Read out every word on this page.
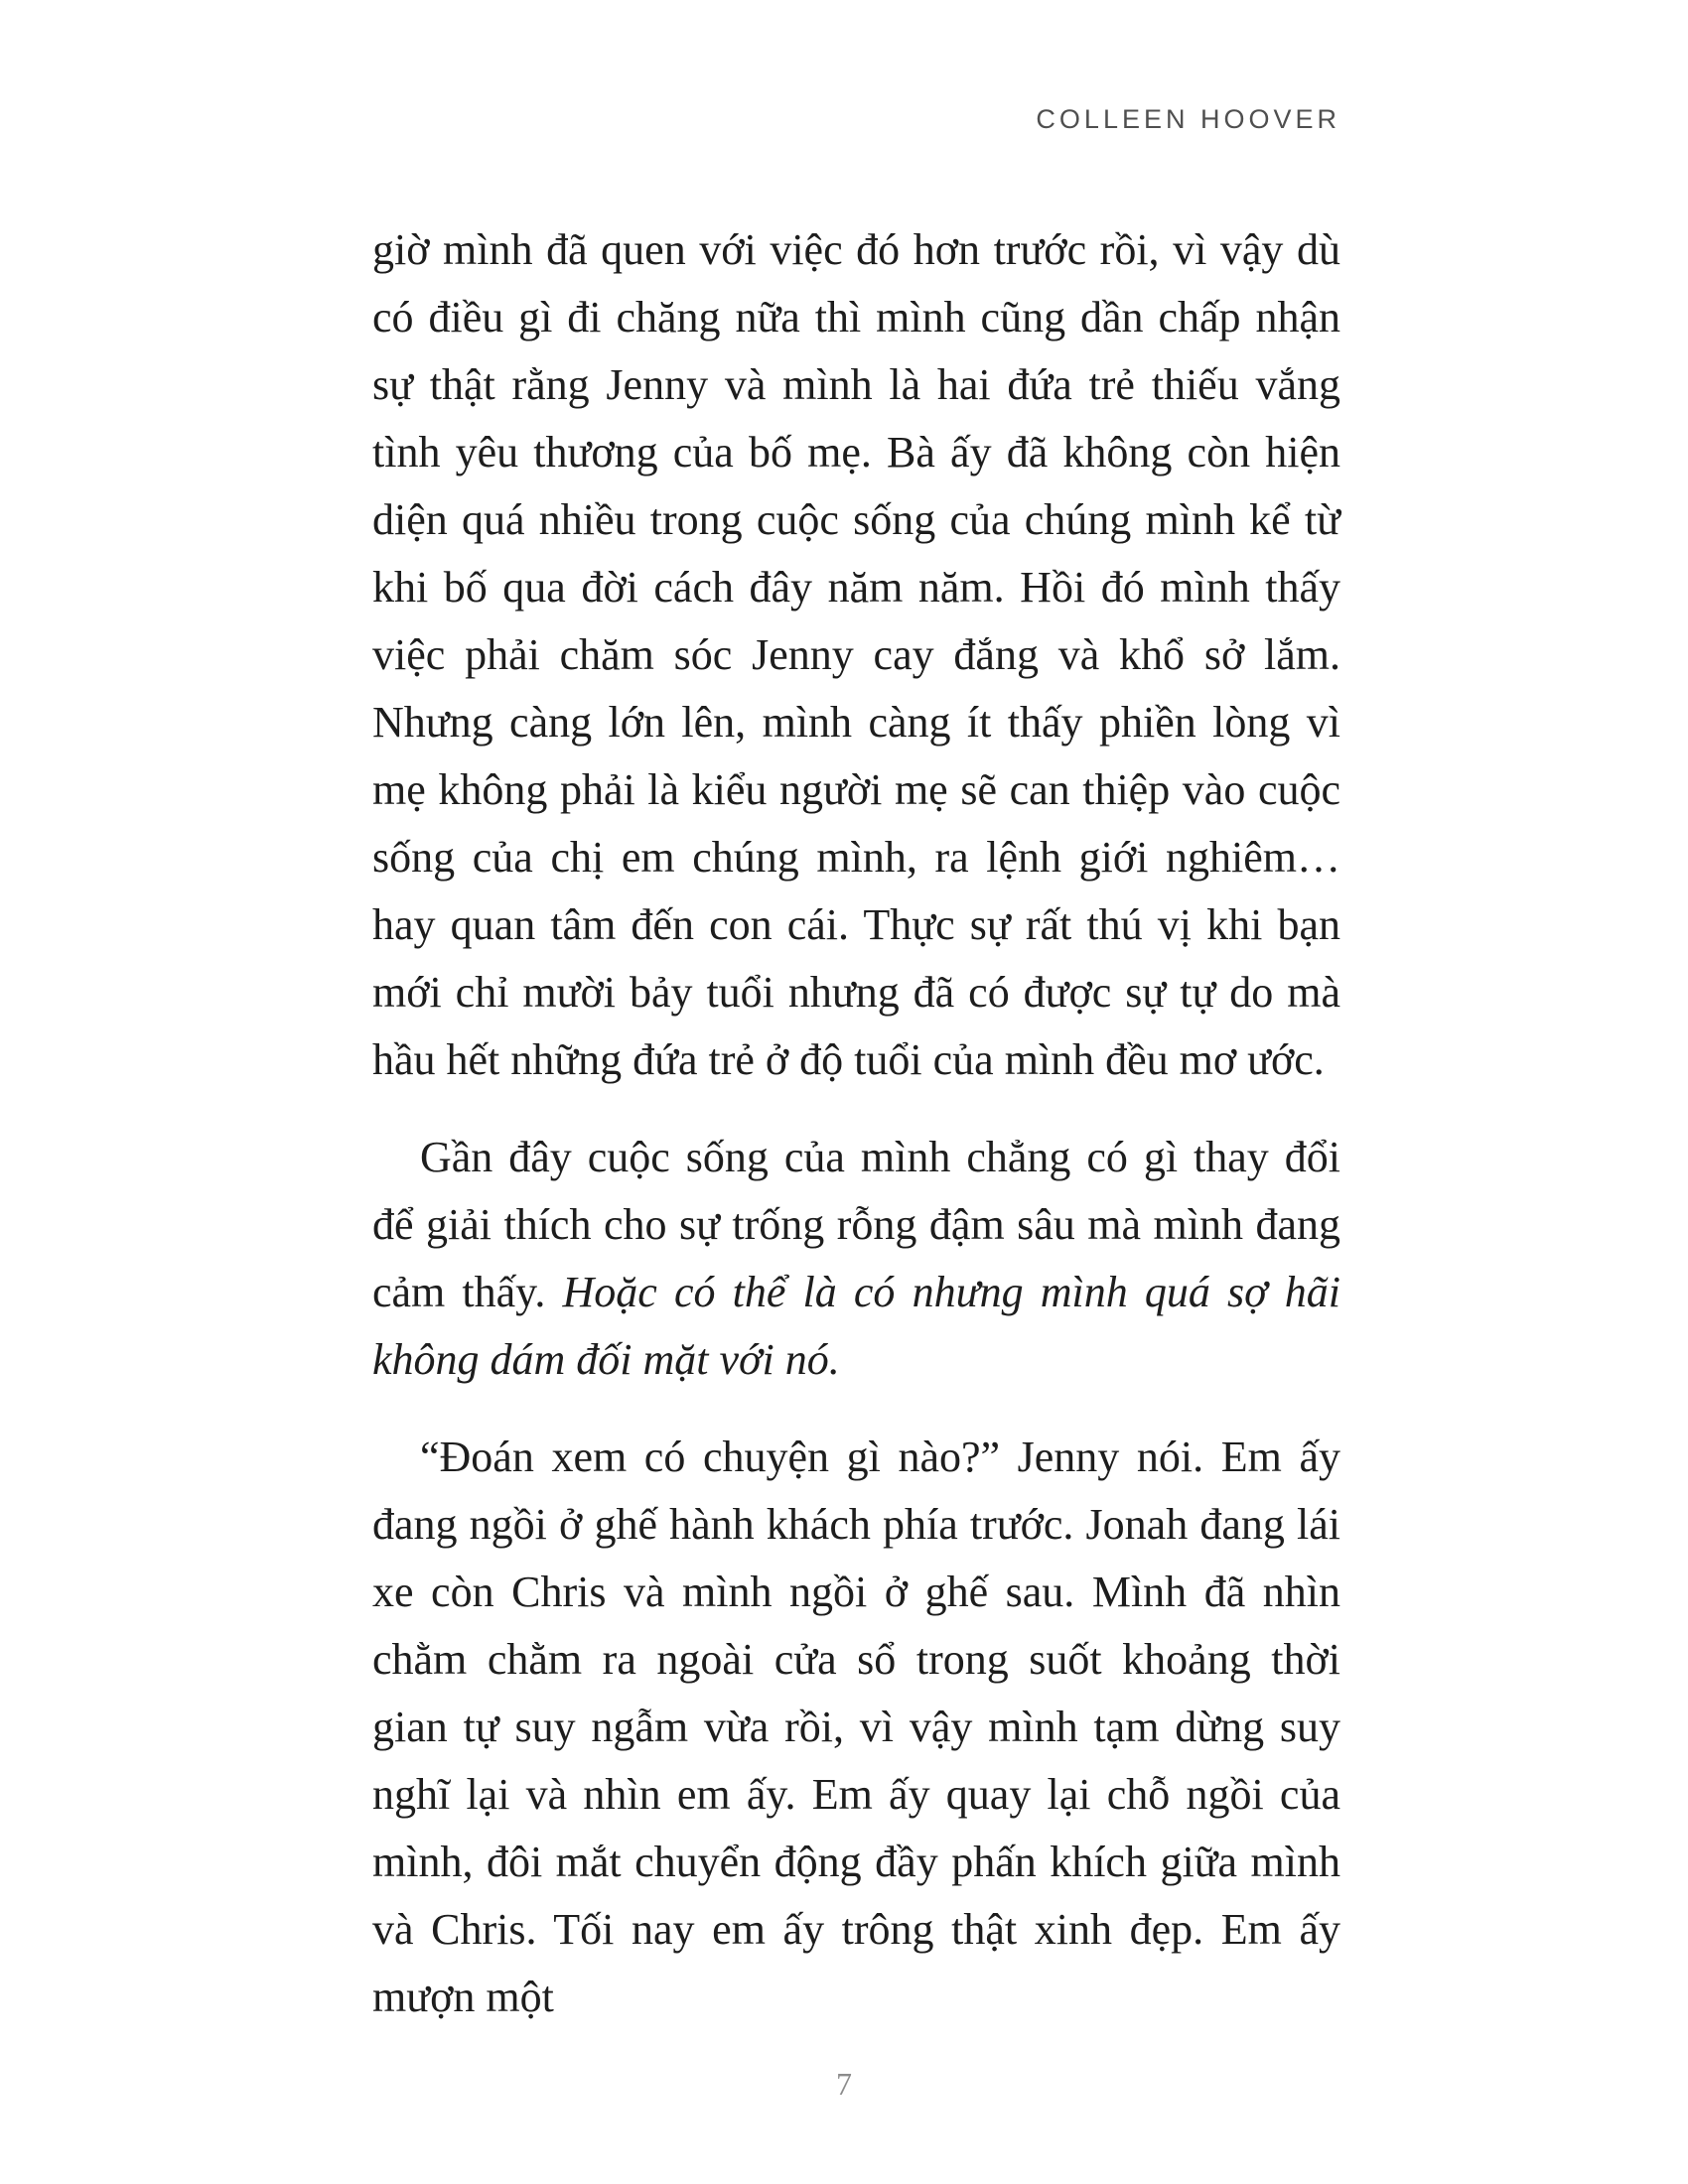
COLLEEN HOOVER

giờ mình đã quen với việc đó hơn trước rồi, vì vậy dù có điều gì đi chăng nữa thì mình cũng dần chấp nhận sự thật rằng Jenny và mình là hai đứa trẻ thiếu vắng tình yêu thương của bố mẹ. Bà ấy đã không còn hiện diện quá nhiều trong cuộc sống của chúng mình kể từ khi bố qua đời cách đây năm năm. Hồi đó mình thấy việc phải chăm sóc Jenny cay đắng và khổ sở lắm. Nhưng càng lớn lên, mình càng ít thấy phiền lòng vì mẹ không phải là kiểu người mẹ sẽ can thiệp vào cuộc sống của chị em chúng mình, ra lệnh giới nghiêm… hay quan tâm đến con cái. Thực sự rất thú vị khi bạn mới chỉ mười bảy tuổi nhưng đã có được sự tự do mà hầu hết những đứa trẻ ở độ tuổi của mình đều mơ ước.

Gần đây cuộc sống của mình chẳng có gì thay đổi để giải thích cho sự trống rỗng đậm sâu mà mình đang cảm thấy. Hoặc có thể là có nhưng mình quá sợ hãi không dám đối mặt với nó.

“Đoán xem có chuyện gì nào?” Jenny nói. Em ấy đang ngồi ở ghế hành khách phía trước. Jonah đang lái xe còn Chris và mình ngồi ở ghế sau. Mình đã nhìn chằm chằm ra ngoài cửa sổ trong suốt khoảng thời gian tự suy ngẫm vừa rồi, vì vậy mình tạm dừng suy nghĩ lại và nhìn em ấy. Em ấy quay lại chỗ ngồi của mình, đôi mắt chuyển động đầy phấn khích giữa mình và Chris. Tối nay em ấy trông thật xinh đẹp. Em ấy mượn một

7
